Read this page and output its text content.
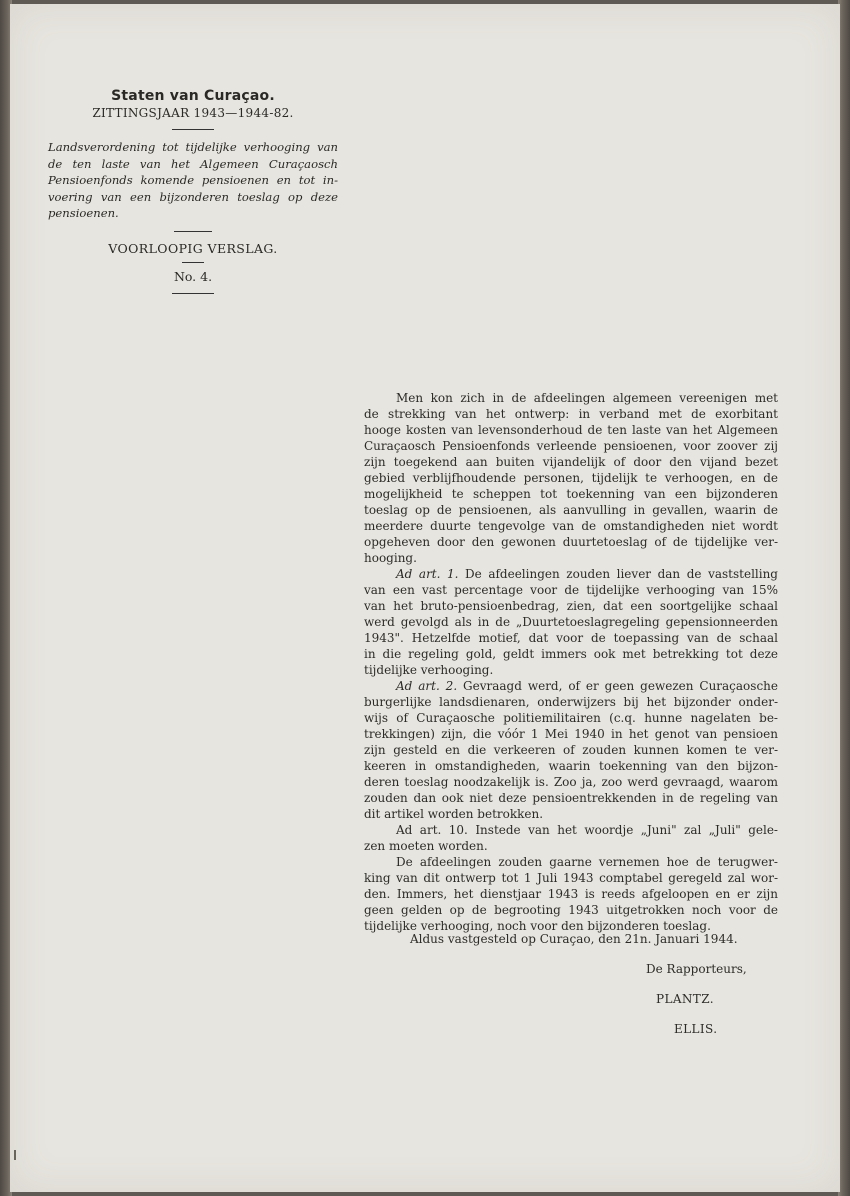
Staten van Curaçao.
ZITTINGSJAAR 1943—1944-82.
Landsverordening tot tijdelijke verhooging van
de ten laste van het Algemeen Curaçaosch
Pensioenfonds komende pensioenen en tot in-
voering van een bijzonderen toeslag op deze
pensioenen.
VOORLOOPIG VERSLAG.
No. 4.

Men kon zich in de afdeelingen algemeen vereenigen met
de strekking van het ontwerp: in verband met de exorbitant
hooge kosten van levensonderhoud de ten laste van het Algemeen
Curaçaosch Pensioenfonds verleende pensioenen, voor zoover zij
zijn toegekend aan buiten vijandelijk of door den vijand bezet
gebied verblijfhoudende personen, tijdelijk te verhoogen, en de
mogelijkheid te scheppen tot toekenning van een bijzonderen
toeslag op de pensioenen, als aanvulling in gevallen, waarin de
meerdere duurte tengevolge van de omstandigheden niet wordt
opgeheven door den gewonen duurtetoeslag of de tijdelijke ver-
hooging.

Ad art. 1. De afdeelingen zouden liever dan de vaststelling
van een vast percentage voor de tijdelijke verhooging van 15%
van het bruto-pensioenbedrag, zien, dat een soortgelijke schaal
werd gevolgd als in de „Duurtetoeslagregeling gepensionneerden
1943". Hetzelfde motief, dat voor de toepassing van de schaal
in die regeling gold, geldt immers ook met betrekking tot deze
tijdelijke verhooging.

Ad art. 2. Gevraagd werd, of er geen gewezen Curaçaosche
burgerlijke landsdienaren, onderwijzers bij het bijzonder onder-
wijs of Curaçaosche politiemilitairen (c.q. hunne nagelaten be-
trekkingen) zijn, die vóór 1 Mei 1940 in het genot van pensioen
zijn gesteld en die verkeeren of zouden kunnen komen te ver-
keeren in omstandigheden, waarin toekenning van den bijzon-
deren toeslag noodzakelijk is. Zoo ja, zoo werd gevraagd, waarom
zouden dan ook niet deze pensioentrekkenden in de regeling van
dit artikel worden betrokken.

Ad art. 10. Instede van het woordje „Juni" zal „Juli" gele-
zen moeten worden.

De afdeelingen zouden gaarne vernemen hoe de terugwer-
king van dit ontwerp tot 1 Juli 1943 comptabel geregeld zal wor-
den. Immers, het dienstjaar 1943 is reeds afgeloopen en er zijn
geen gelden op de begrooting 1943 uitgetrokken noch voor de
tijdelijke verhooging, noch voor den bijzonderen toeslag.

Aldus vastgesteld op Curaçao, den 21n. Januari 1944.
De Rapporteurs,
PLANTZ.
ELLIS.
